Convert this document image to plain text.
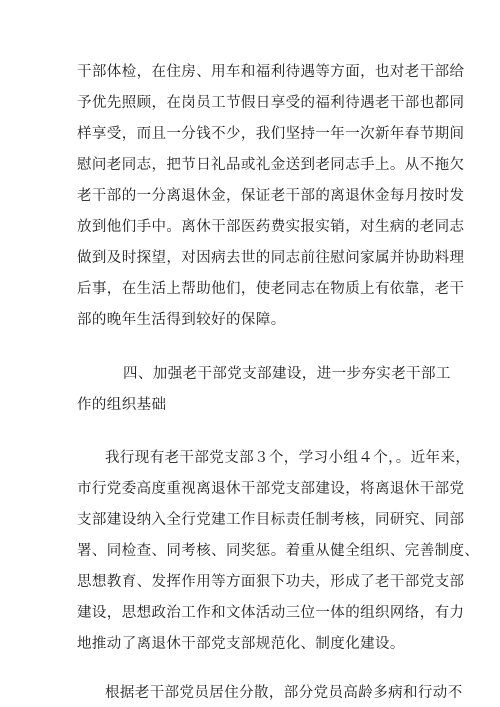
干部体检，在住房、用车和福利待遇等方面，也对老干部给
予优先照顾，在岗员工节假日享受的福利待遇老干部也都同
样享受，而且一分钱不少，我们坚持一年一次新年春节期间
慰问老同志，把节日礼品或礼金送到老同志手上。从不拖欠
老干部的一分离退休金，保证老干部的离退休金每月按时发
放到他们手中。离休干部医药费实报实销，对生病的老同志
做到及时探望，对因病去世的同志前往慰问家属并协助料理
后事，在生活上帮助他们，使老同志在物质上有依靠，老干
部的晚年生活得到较好的保障。
四、加强老干部党支部建设，进一步夯实老干部工
作的组织基础
我行现有老干部党支部３个，学习小组４个，。近年来，
市行党委高度重视离退休干部党支部建设，将离退休干部党
支部建设纳入全行党建工作目标责任制考核，同研究、同部
署、同检查、同考核、同奖惩。着重从健全组织、完善制度、
思想教育、发挥作用等方面狠下功夫，形成了老干部党支部
建设，思想政治工作和文体活动三位一体的组织网络，有力
地推动了离退休干部党支部规范化、制度化建设。
根据老干部党员居住分散，部分党员高龄多病和行动不
